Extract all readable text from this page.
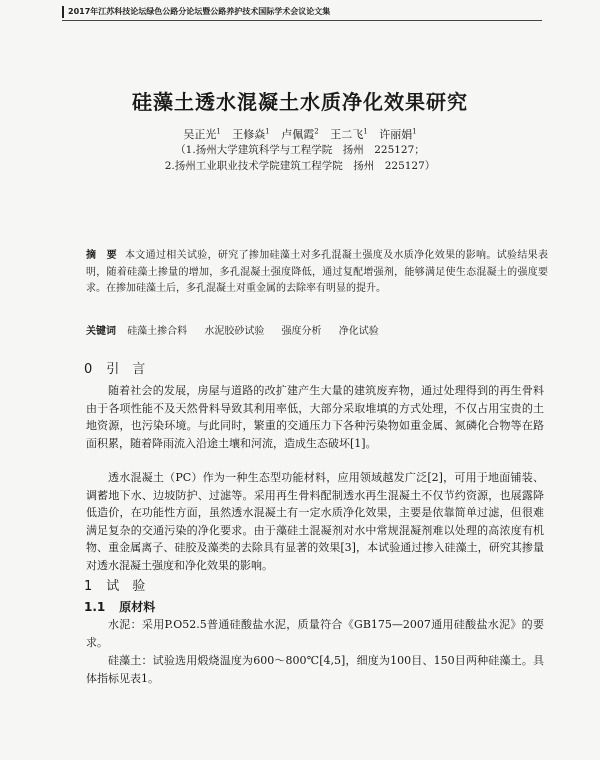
2017年江苏科技论坛绿色公路分论坛暨公路养护技术国际学术会议论文集
硅藻土透水混凝土水质净化效果研究
吴正光$^1$ 王修焱$^1$ 卢佩霞$^2$ 王二飞$^1$ 许丽娟$^1$
（1.扬州大学建筑科学与工程学院　扬州　225127；
2.扬州工业职业技术学院建筑工程学院　扬州　225127）
摘　要 本文通过相关试验，研究了掺加硅藻土对多孔混凝土强度及水质净化效果的影响。试验结果表明，随着硅藻土掺量的增加，多孔混凝土强度降低，通过复配增强剂，能够满足使生态混凝土的强度要求。在掺加硅藻土后，多孔混凝土对重金属的去除率有明显的提升。
关键词 硅藻土掺合料 水泥胶砂试验 强度分析 净化试验
0 引　言
随着社会的发展，房屋与道路的改扩建产生大量的建筑废弃物，通过处理得到的再生骨料由于各项性能不及天然骨料导致其利用率低，大部分采取堆填的方式处理，不仅占用宝贵的土地资源，也污染环境。与此同时，繁重的交通压力下各种污染物如重金属、氮磷化合物等在路面积累，随着降雨流入沿途土壤和河流，造成生态破坏[1]。
透水混凝土（PC）作为一种生态型功能材料，应用领域越发广泛[2]，可用于地面铺装、调蓄地下水、边坡防护、过滤等。采用再生骨料配制透水再生混凝土不仅节约资源，也展露降低造价，在功能性方面，虽然透水混凝土有一定水质净化效果，主要是依靠简单过滤，但很难满足复杂的交通污染的净化要求。由于藻硅土混凝剂对水中常规混凝剂难以处理的高浓度有机物、重金属离子、硅胶及藻类的去除具有显著的效果[3]，本试验通过掺入硅藻土，研究其掺量对透水混凝土强度和净化效果的影响。
1 试　验
1.1 原材料
水泥：采用P.O52.5普通硅酸盐水泥，质量符合《GB175—2007通用硅酸盐水泥》的要求。
硅藻土：试验选用煅烧温度为600～800℃[4,5]，细度为100目、150目两种硅藻土。具体指标见表1。
